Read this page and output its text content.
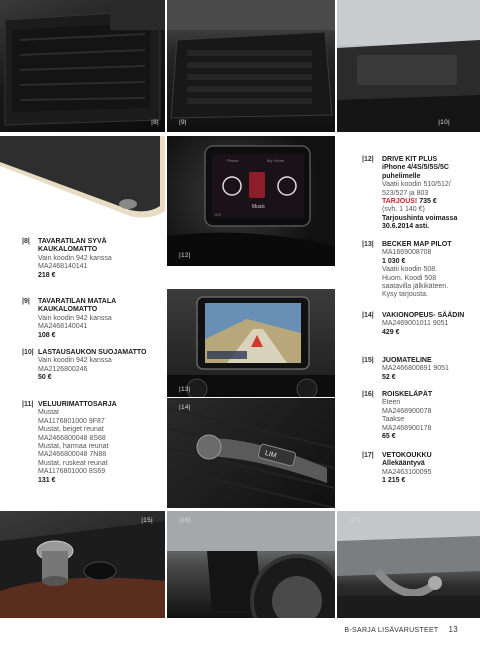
|8|	|9|	|10|
|11|
Music
Phone	My Home
2/3
|12|
|13|
LIM
|14|
|15|	|16|	|17|
|8| TAVARATILAN SYVÄ KAUKALOMATTO
Vain koodin 942 kanssa
MA2468140141
218 €
|9| TAVARATILAN MATALA KAUKALOMATTO
Vain koodin 942 kanssa
MA2468140041
108 €
|10| LASTAUSAUKON SUOJAMATTO
Vain koodin 942 kanssa
MA2126800246
50 €
|11| VELUURIMATTOSARJA
Mustat
MA1176801000 9F87
Mustat, beiget reunat
MA2466800048 8S68
Mustat, harmaa reunat
MA2466800048 7N88
Mustat, ruskeat reunat
MA1176801000 8S69
131 €
|12| DRIVE KIT PLUS
iPhone 4/4S/5/5S/5C
puhelimelle
Vaatii koodin 510/512/
523/527 ja 803
TARJOUS! 735 €
(svh. 1 140 €)
Tarjoushinta voimassa
30.6.2014 asti.
|13| BECKER MAP PILOT
MA1669008708
1 030 €
Vaatii koodin 508.
Huom. Koodi 508
saatavilla jälkikäteen.
Kysy tarjousta.
|14| VAKIONOPEUS- SÄÄDIN
MA2469001011 9051
429 €
|15| JUOMATELINE
MA2466800891 9051
52 €
|16| ROISKELÄPÄT
Eteen
MA2468900078
Taakse
MA2468900178
65 €
|17| VETOKOUKKU
Allekääntyvä
MA2463100095
1 215 €
B-SARJA LISÄVARUSTEET 13
